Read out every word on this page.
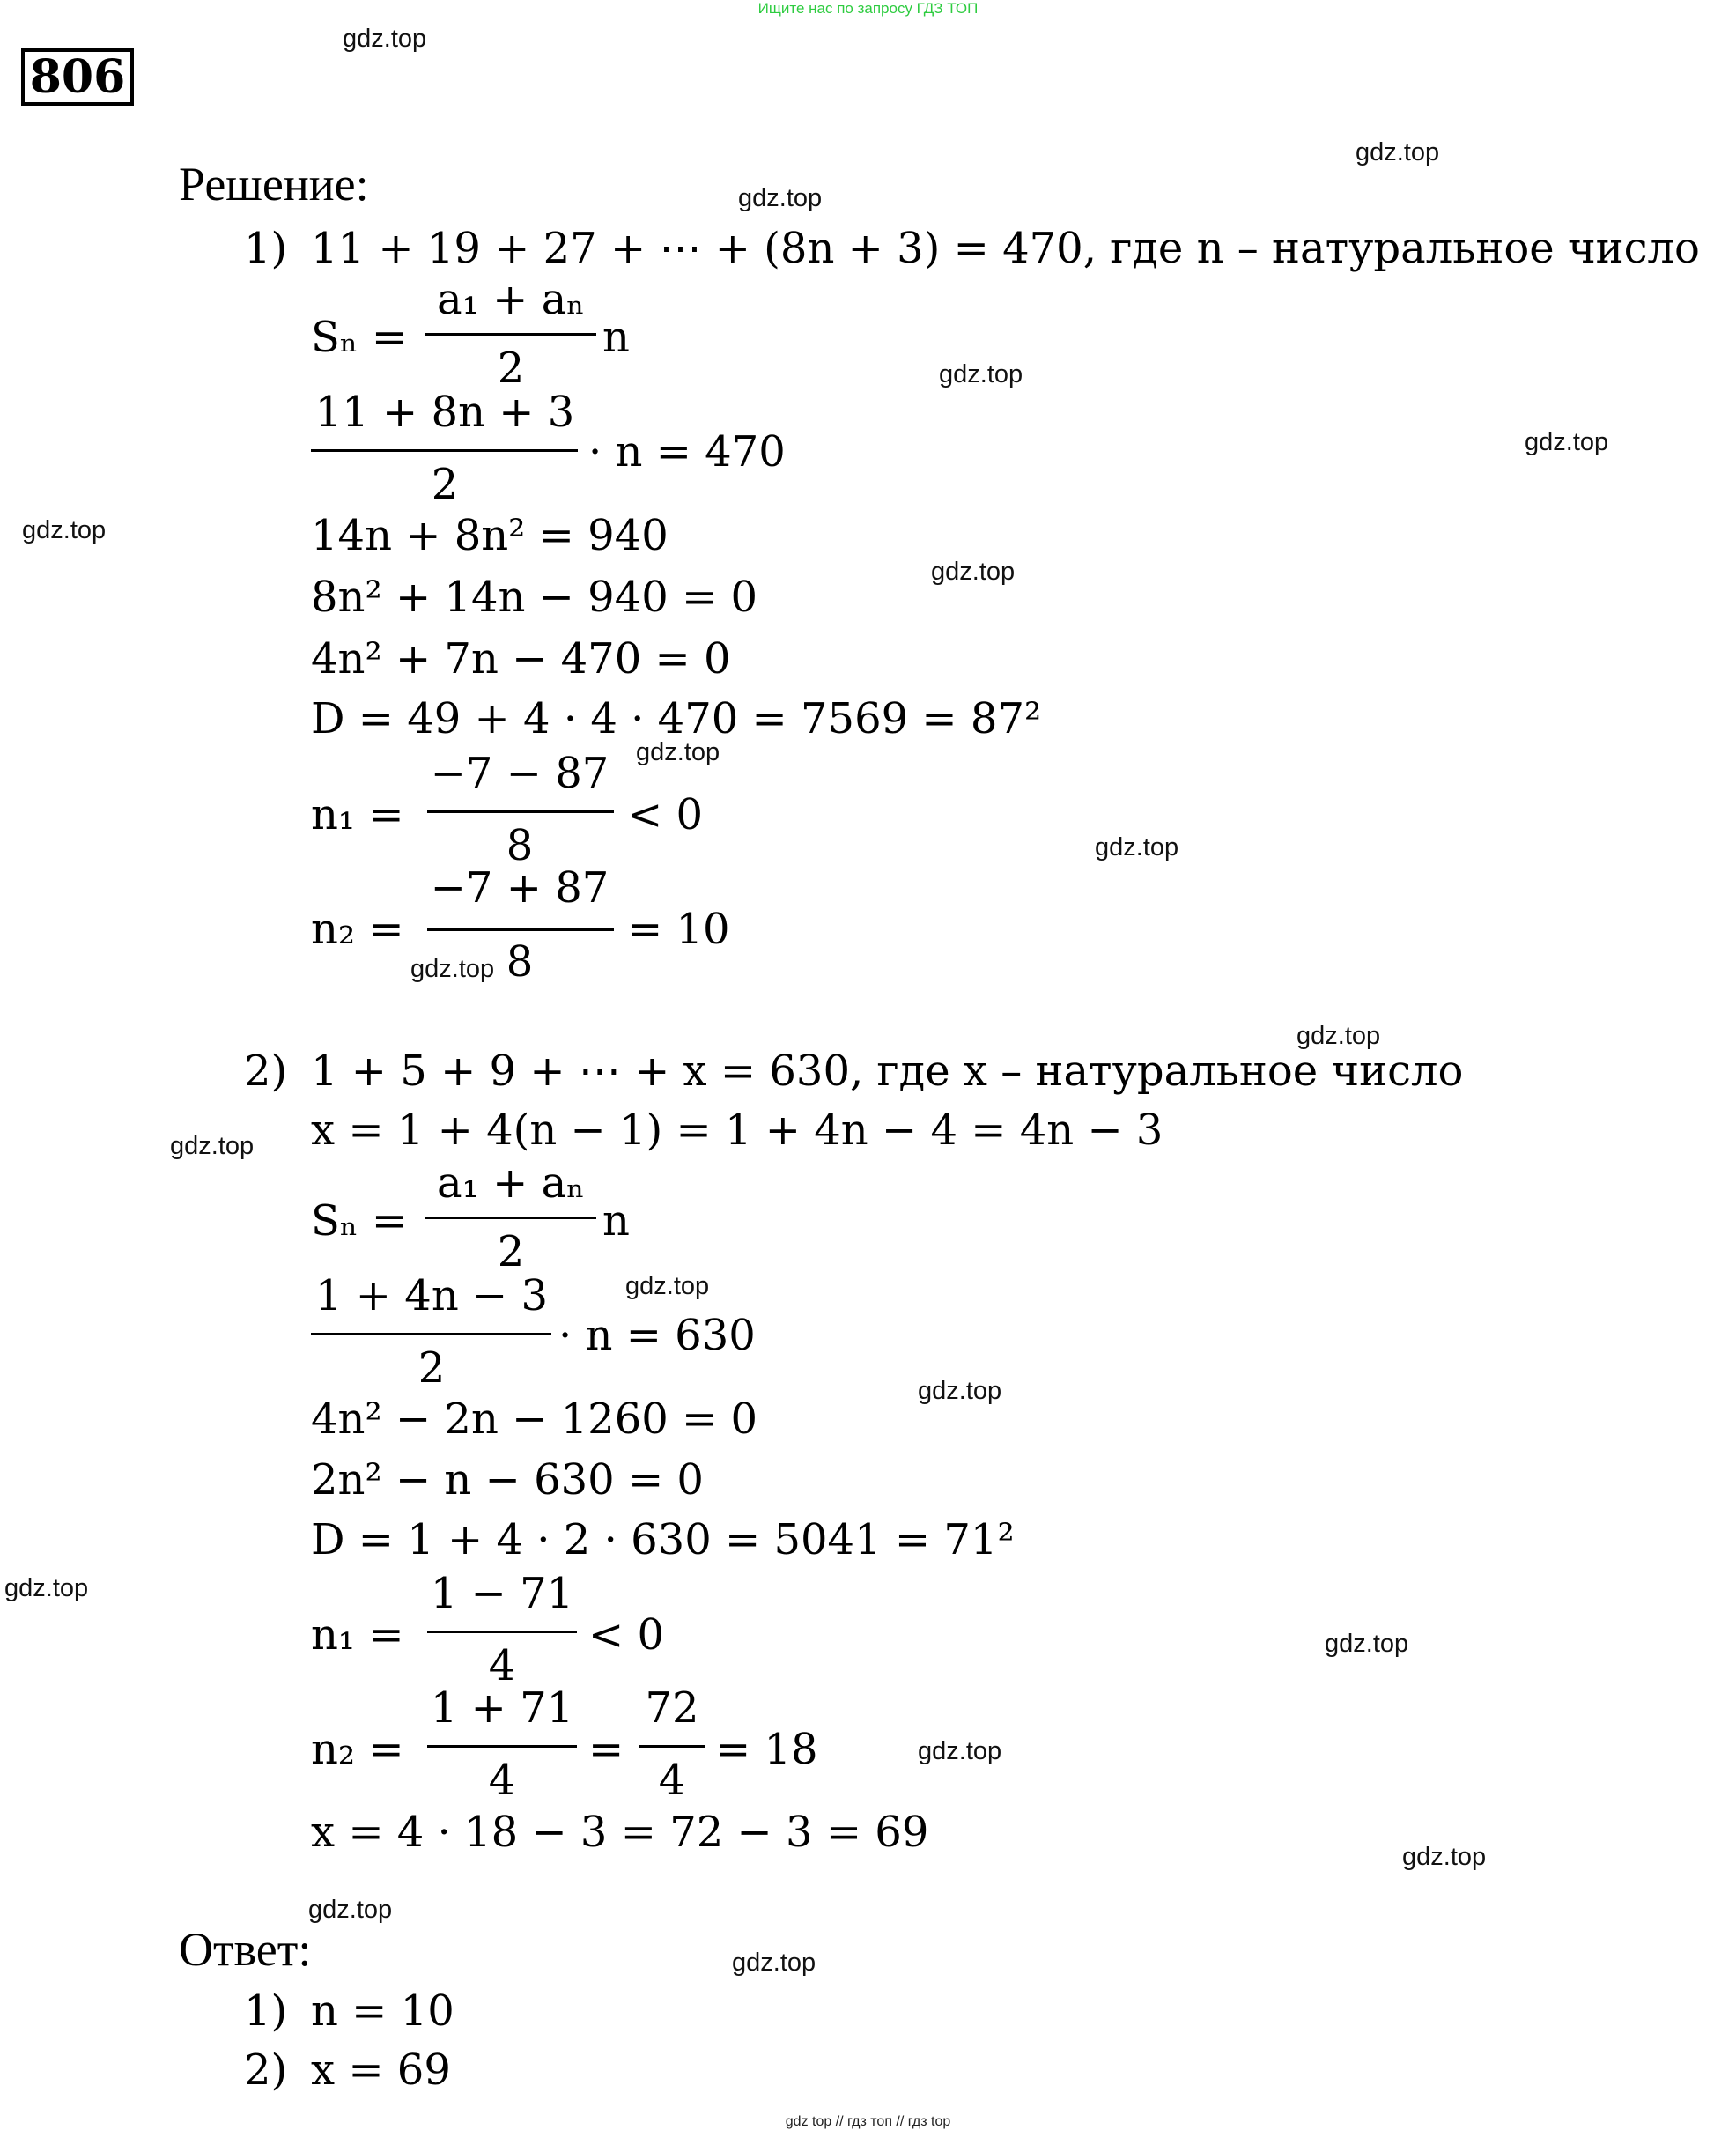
Ищите нас по запросу ГДЗ ТОП
gdz top // гдз топ // гдз top
806
gdz.top
gdz.top
gdz.top
gdz.top
gdz.top
gdz.top
gdz.top
gdz.top
gdz.top
gdz.top
gdz.top
gdz.top
gdz.top
gdz.top
gdz.top
gdz.top
gdz.top
gdz.top
gdz.top
gdz.top
Решение:
1) 11 + 19 + 27 + ⋯ + (8n + 3) = 470, где n – натуральное число
Sₙ =
a₁ + aₙ
2
n
11 + 8n + 3
2
· n = 470
14n + 8n² = 940
8n² + 14n − 940 = 0
4n² + 7n − 470 = 0
D = 49 + 4 · 4 · 470 = 7569 = 87²
n₁ =
−7 − 87
8
< 0
n₂ =
−7 + 87
8
= 10
2) 1 + 5 + 9 + ⋯ + x = 630, где x – натуральное число
x = 1 + 4(n − 1) = 1 + 4n − 4 = 4n − 3
Sₙ =
a₁ + aₙ
2
n
1 + 4n − 3
2
· n = 630
4n² − 2n − 1260 = 0
2n² − n − 630 = 0
D = 1 + 4 · 2 · 630 = 5041 = 71²
n₁ =
1 − 71
4
< 0
n₂ =
1 + 71
4
=
72
4
= 18
x = 4 · 18 − 3 = 72 − 3 = 69
Ответ:
1) n = 10
2) x = 69
